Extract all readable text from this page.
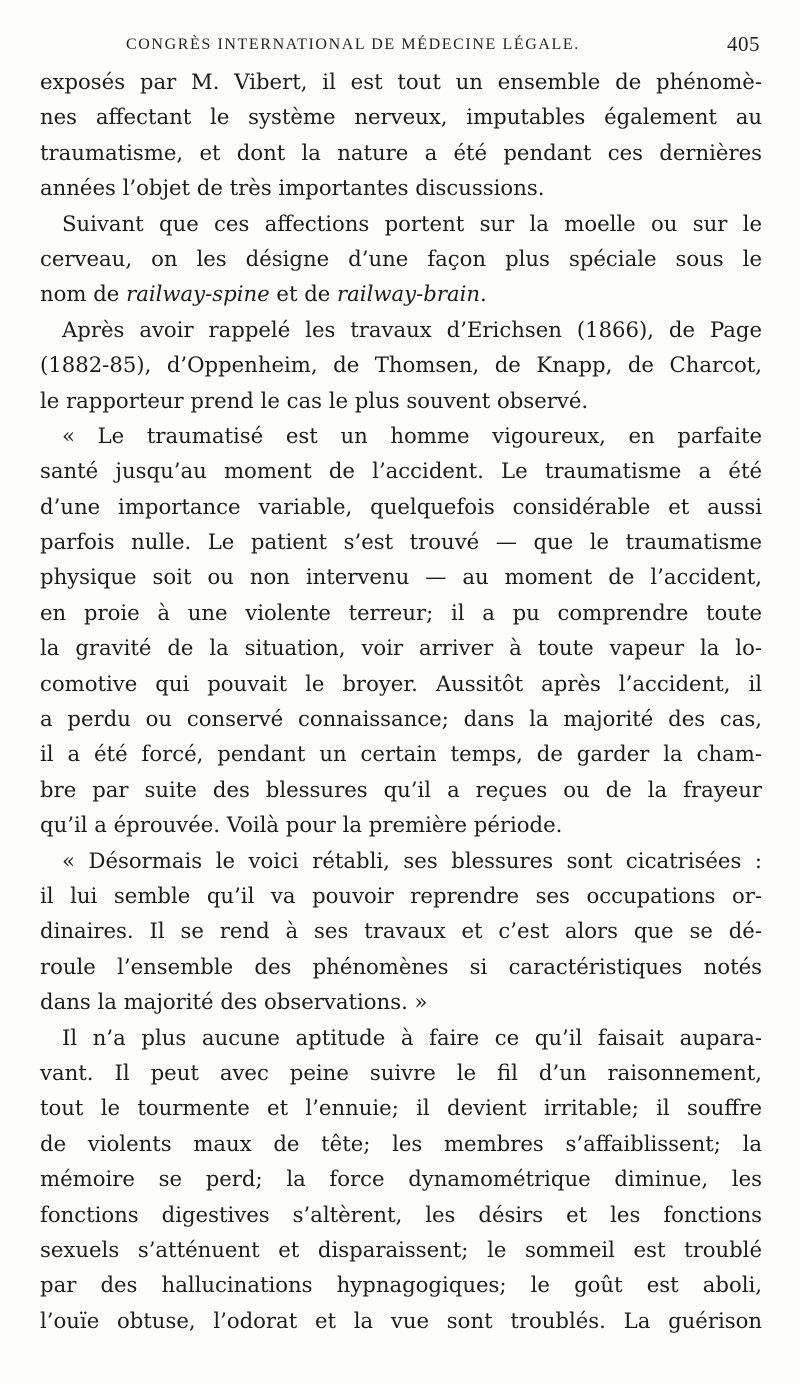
CONGRÈS INTERNATIONAL DE MÉDECINE LÉGALE.	405
exposés par M. Vibert, il est tout un ensemble de phénomè-
nes affectant le système nerveux, imputables également au
traumatisme, et dont la nature a été pendant ces dernières
années l’objet de très importantes discussions.
Suivant que ces affections portent sur la moelle ou sur le
cerveau, on les désigne d’une façon plus spéciale sous le
nom de railway-spine et de railway-brain.
Après avoir rappelé les travaux d’Erichsen (1866), de Page
(1882-85), d’Oppenheim, de Thomsen, de Knapp, de Charcot,
le rapporteur prend le cas le plus souvent observé.
« Le traumatisé est un homme vigoureux, en parfaite
santé jusqu’au moment de l’accident. Le traumatisme a été
d’une importance variable, quelquefois considérable et aussi
parfois nulle. Le patient s’est trouvé — que le traumatisme
physique soit ou non intervenu — au moment de l’accident,
en proie à une violente terreur; il a pu comprendre toute
la gravité de la situation, voir arriver à toute vapeur la lo-
comotive qui pouvait le broyer. Aussitôt après l’accident, il
a perdu ou conservé connaissance; dans la majorité des cas,
il a été forcé, pendant un certain temps, de garder la cham-
bre par suite des blessures qu’il a reçues ou de la frayeur
qu’il a éprouvée. Voilà pour la première période.
« Désormais le voici rétabli, ses blessures sont cicatrisées :
il lui semble qu’il va pouvoir reprendre ses occupations or-
dinaires. Il se rend à ses travaux et c’est alors que se dé-
roule l’ensemble des phénomènes si caractéristiques notés
dans la majorité des observations. »
Il n’a plus aucune aptitude à faire ce qu’il faisait aupara-
vant. Il peut avec peine suivre le fil d’un raisonnement,
tout le tourmente et l’ennuie; il devient irritable; il souffre
de violents maux de tête; les membres s’affaiblissent; la
mémoire se perd; la force dynamométrique diminue, les
fonctions digestives s’altèrent, les désirs et les fonctions
sexuels s’atténuent et disparaissent; le sommeil est troublé
par des hallucinations hypnagogiques; le goût est aboli,
l’ouïe obtuse, l’odorat et la vue sont troublés. La guérison
